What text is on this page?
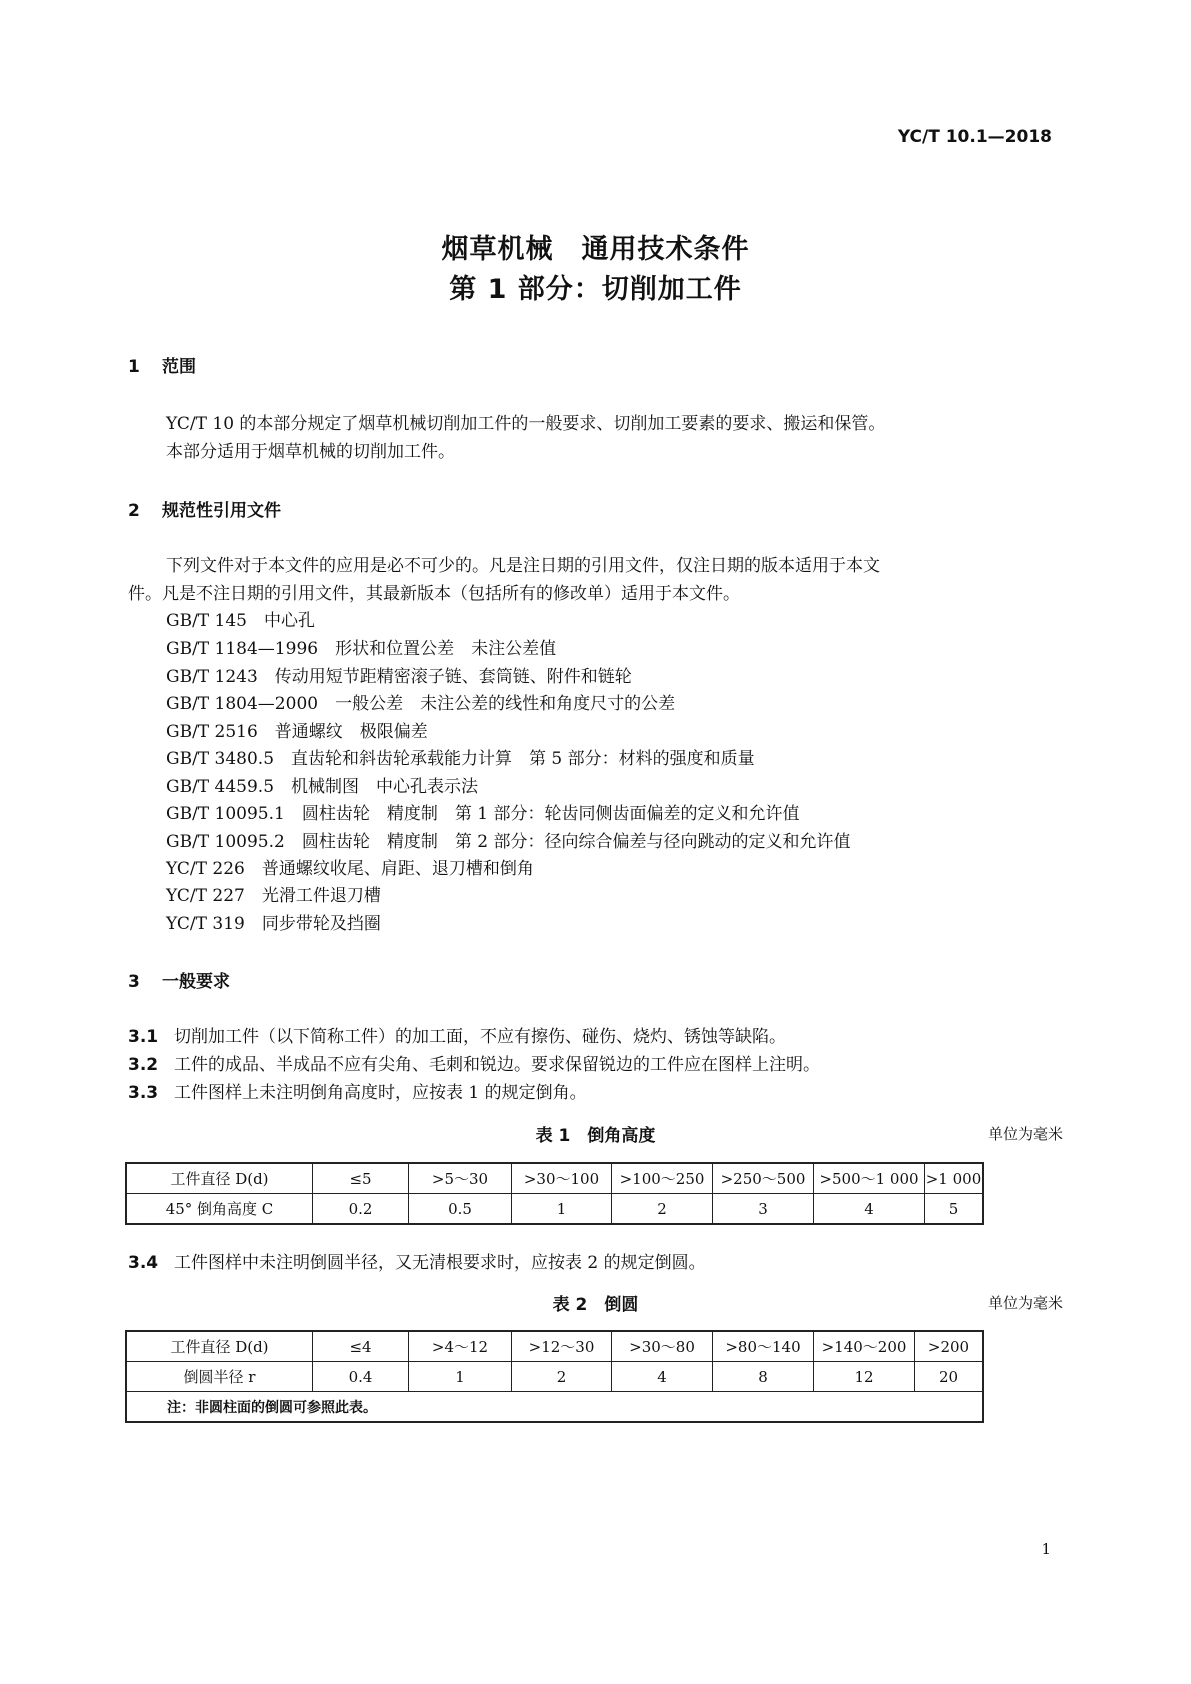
YC/T 10.1—2018
烟草机械　通用技术条件
第 1 部分：切削加工件
1 范围
YC/T 10 的本部分规定了烟草机械切削加工件的一般要求、切削加工要素的要求、搬运和保管。
本部分适用于烟草机械的切削加工件。
2 规范性引用文件
下列文件对于本文件的应用是必不可少的。凡是注日期的引用文件，仅注日期的版本适用于本文
件。凡是不注日期的引用文件，其最新版本（包括所有的修改单）适用于本文件。
GB/T 145　中心孔
GB/T 1184—1996　形状和位置公差　未注公差值
GB/T 1243　传动用短节距精密滚子链、套筒链、附件和链轮
GB/T 1804—2000　一般公差　未注公差的线性和角度尺寸的公差
GB/T 2516　普通螺纹　极限偏差
GB/T 3480.5　直齿轮和斜齿轮承载能力计算　第 5 部分：材料的强度和质量
GB/T 4459.5　机械制图　中心孔表示法
GB/T 10095.1　圆柱齿轮　精度制　第 1 部分：轮齿同侧齿面偏差的定义和允许值
GB/T 10095.2　圆柱齿轮　精度制　第 2 部分：径向综合偏差与径向跳动的定义和允许值
YC/T 226　普通螺纹收尾、肩距、退刀槽和倒角
YC/T 227　光滑工件退刀槽
YC/T 319　同步带轮及挡圈
3 一般要求
3.1 切削加工件（以下简称工件）的加工面，不应有擦伤、碰伤、烧灼、锈蚀等缺陷。
3.2 工件的成品、半成品不应有尖角、毛刺和锐边。要求保留锐边的工件应在图样上注明。
3.3 工件图样上未注明倒角高度时，应按表 1 的规定倒角。
表 1　倒角高度	单位为毫米
工件直径 D(d)	≤5	>5～30	>30～100	>100～250	>250～500	>500～1 000	>1 000
45° 倒角高度 C	0.2	0.5	1	2	3	4	5
3.4 工件图样中未注明倒圆半径，又无清根要求时，应按表 2 的规定倒圆。
表 2　倒圆	单位为毫米
工件直径 D(d)	≤4	>4～12	>12～30	>30～80	>80～140	>140～200	>200
倒圆半径 r	0.4	1	2	4	8	12	20
注：非圆柱面的倒圆可参照此表。							
1
